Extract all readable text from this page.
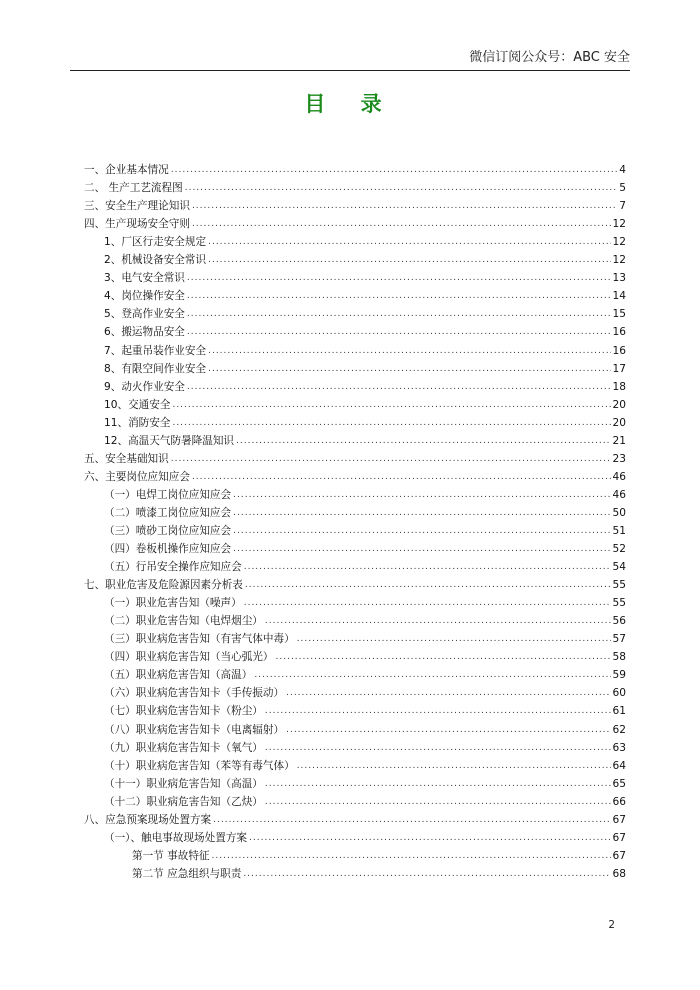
微信订阅公众号：ABC 安全
目 录
一、企业基本情况 .....	4
二、 生产工艺流程图 .....	5
三、安全生产理论知识 .....	7
四、生产现场安全守则 .....	12
1、厂区行走安全规定 .....	12
2、机械设备安全常识 .....	12
3、电气安全常识 .....	13
4、岗位操作安全 .....	14
5、登高作业安全 .....	15
6、搬运物品安全 .....	16
7、起重吊装作业安全 .....	16
8、有限空间作业安全 .....	17
9、动火作业安全 .....	18
10、交通安全 .....	20
11、消防安全 .....	20
12、高温天气防暑降温知识 .....	21
五、安全基础知识 .....	23
六、主要岗位应知应会 .....	46
（一）电焊工岗位应知应会 .....	46
（二）喷漆工岗位应知应会 .....	50
（三）喷砂工岗位应知应会 .....	51
（四）卷板机操作应知应会 .....	52
（五）行吊安全操作应知应会 .....	54
七、职业危害及危险源因素分析表 .....	55
（一）职业危害告知（噪声） .....	55
（二）职业危害告知（电焊烟尘） .....	56
（三）职业病危害告知（有害气体中毒） .....	57
（四）职业病危害告知（当心弧光） .....	58
（五）职业病危害告知（高温） .....	59
（六）职业病危害告知卡（手传振动） .....	60
（七）职业病危害告知卡（粉尘） .....	61
（八）职业病危害告知卡（电离辐射） .....	62
（九）职业病危害告知卡（氧气） .....	63
（十）职业病危害告知（苯等有毒气体） .....	64
（十一）职业病危害告知（高温） .....	65
（十二）职业病危害告知（乙炔） .....	66
八、应急预案现场处置方案 .....	67
（一）、触电事故现场处置方案 .....	67
第一节 事故特征 .....	67
第二节 应急组织与职责 .....	68
2
